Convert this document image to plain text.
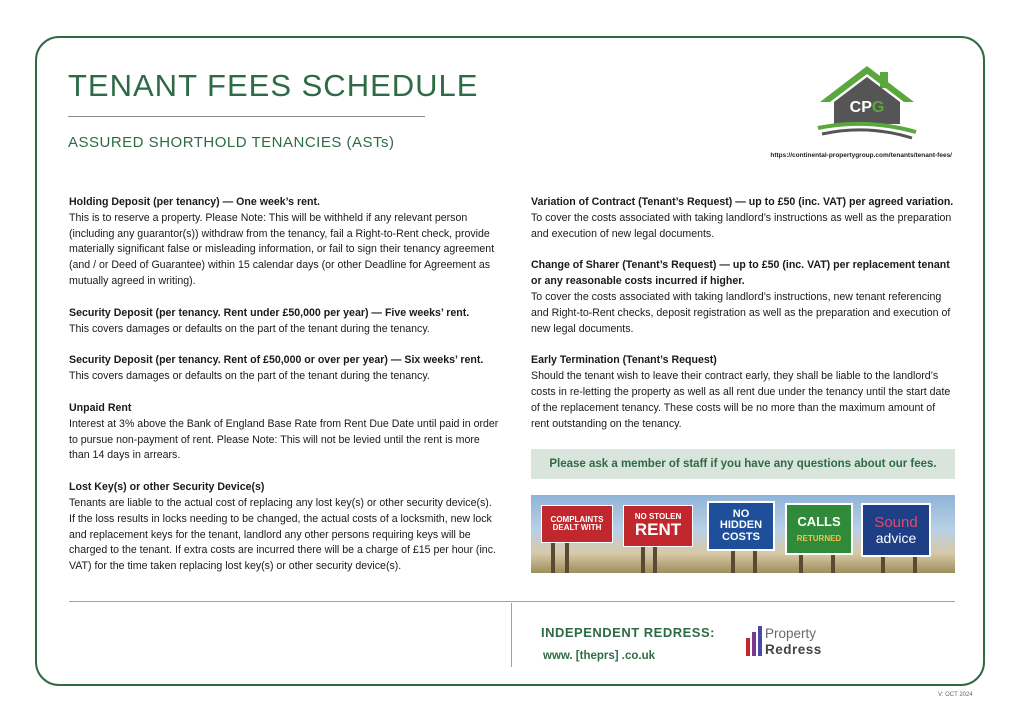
TENANT FEES SCHEDULE
ASSURED SHORTHOLD TENANCIES (ASTs)
CPG
https://continental-propertygroup.com/tenants/tenant-fees/
Holding Deposit (per tenancy) — One week’s rent.

This is to reserve a property. Please Note: This will be withheld if any relevant person (including any guarantor(s)) withdraw from the tenancy, fail a Right-to-Rent check, provide materially significant false or misleading information, or fail to sign their tenancy agreement (and / or Deed of Guarantee) within 15 calendar days (or other Deadline for Agreement as mutually agreed in writing).

Security Deposit (per tenancy. Rent under £50,000 per year) — Five weeks’ rent.

This covers damages or defaults on the part of the tenant during the tenancy.

Security Deposit (per tenancy. Rent of £50,000 or over per year) — Six weeks’ rent.

This covers damages or defaults on the part of the tenant during the tenancy.

Unpaid Rent

Interest at 3% above the Bank of England Base Rate from Rent Due Date until paid in order to pursue non-payment of rent. Please Note: This will not be levied until the rent is more than 14 days in arrears.

Lost Key(s) or other Security Device(s)

Tenants are liable to the actual cost of replacing any lost key(s) or other security device(s). If the loss results in locks needing to be changed, the actual costs of a locksmith, new lock and replacement keys for the tenant, landlord any other persons requiring keys will be charged to the tenant. If extra costs are incurred there will be a charge of £15 per hour (inc. VAT) for the time taken replacing lost key(s) or other security device(s).

Variation of Contract (Tenant’s Request) — up to £50 (inc. VAT) per agreed variation. To cover the costs associated with taking landlord’s instructions as well as the preparation and execution of new legal documents.

Change of Sharer (Tenant’s Request) — up to £50 (inc. VAT) per replacement tenant or any reasonable costs incurred if higher.

To cover the costs associated with taking landlord’s instructions, new tenant referencing and Right-to-Rent checks, deposit registration as well as the preparation and execution of new legal documents.

Early Termination (Tenant’s Request)

Should the tenant wish to leave their contract early, they shall be liable to the landlord’s costs in re-letting the property as well as all rent due under the tenancy until the start date of the replacement tenancy. These costs will be no more than the maximum amount of rent outstanding on the tenancy.

Please ask a member of staff if you have any questions about our fees.
COMPLAINTS
DEALT WITH
NO STOLEN
RENT
NO
HIDDEN
COSTS
CALLS
RETURNED
Sound
advice
INDEPENDENT REDRESS:
www. [theprs] .co.uk
Property
Redress
V: OCT 2024
